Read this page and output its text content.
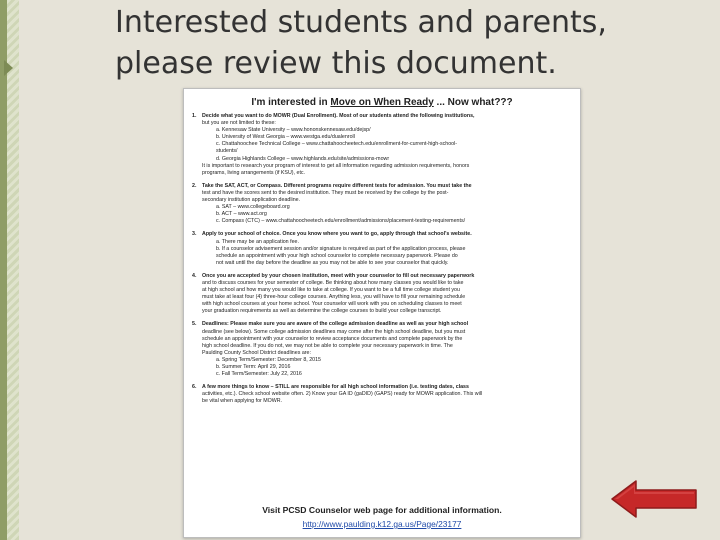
Interested students and parents,
please review this document.
I'm interested in Move on When Ready ... Now what???
1. Decide what you want to do MOWR (Dual Enrollment). Most of our students attend the following institutions,
but you are not limited to these:
a. Kennesaw State University – www.hononskennesaw.edu/dejsp/
b. University of West Georgia – www.westga.edu/dualenroll
c. Chattahoochee Technical College – www.chattahoocheetech.edu/enrollment-for-current-high-school-
students/
d. Georgia Highlands College – www.highlands.edu/site/admissions-mowr
It is important to research your program of interest to get all information regarding admission requirements, honors
programs, living arrangements (if KSU), etc.
2. Take the SAT, ACT, or Compass. Different programs require different tests for admission. You must take the
test and have the scores sent to the desired institution. They must be received by the college by the post-
secondary institution application deadline.
a. SAT – www.collegeboard.org
b. ACT – www.act.org
c. Compass (CTC) – www.chattahoocheetech.edu/enrollment/admissions/placement-testing-requirements/
3. Apply to your school of choice. Once you know where you want to go, apply through that school's website.
a. There may be an application fee.
b. If a counselor advisement session and/or signature is required as part of the application process, please
schedule an appointment with your high school counselor to complete necessary paperwork. Please do
not wait until the day before the deadline as you may not be able to see your counselor that quickly.
4. Once you are accepted by your chosen institution, meet with your counselor to fill out necessary paperwork
and to discuss courses for your semester of college. Be thinking about how many classes you would like to take
at high school and how many you would like to take at college. If you want to be a full time college student you
must take at least four (4) three-hour college courses. Anything less, you will have to fill your remaining schedule
with high school courses at your home school. Your counselor will work with you on scheduling classes to meet
your graduation requirements as well as determine the college courses to build your college transcript.
5. Deadlines: Please make sure you are aware of the college admission deadline as well as your high school
deadline (see below). Some college admission deadlines may come after the high school deadline, but you must
schedule an appointment with your counselor to review acceptance documents and complete paperwork by the
high school deadline. If you do not, we may not be able to complete your necessary paperwork in time. The
Paulding County School District deadlines are:
a. Spring Term/Semester: December 8, 2015
b. Summer Term: April 29, 2016
c. Fall Term/Semester: July 22, 2016
6. A few more things to know – STILL are responsible for all high school information (i.e. testing dates, class
activities, etc.). Check school website often. 2) Know your GA ID (gaDID) (GAPS) ready for MOWR application. This will
be vital when applying for MOWR.
Visit PCSD Counselor web page for additional information.
http://www.paulding.k12.ga.us/Page/23177
